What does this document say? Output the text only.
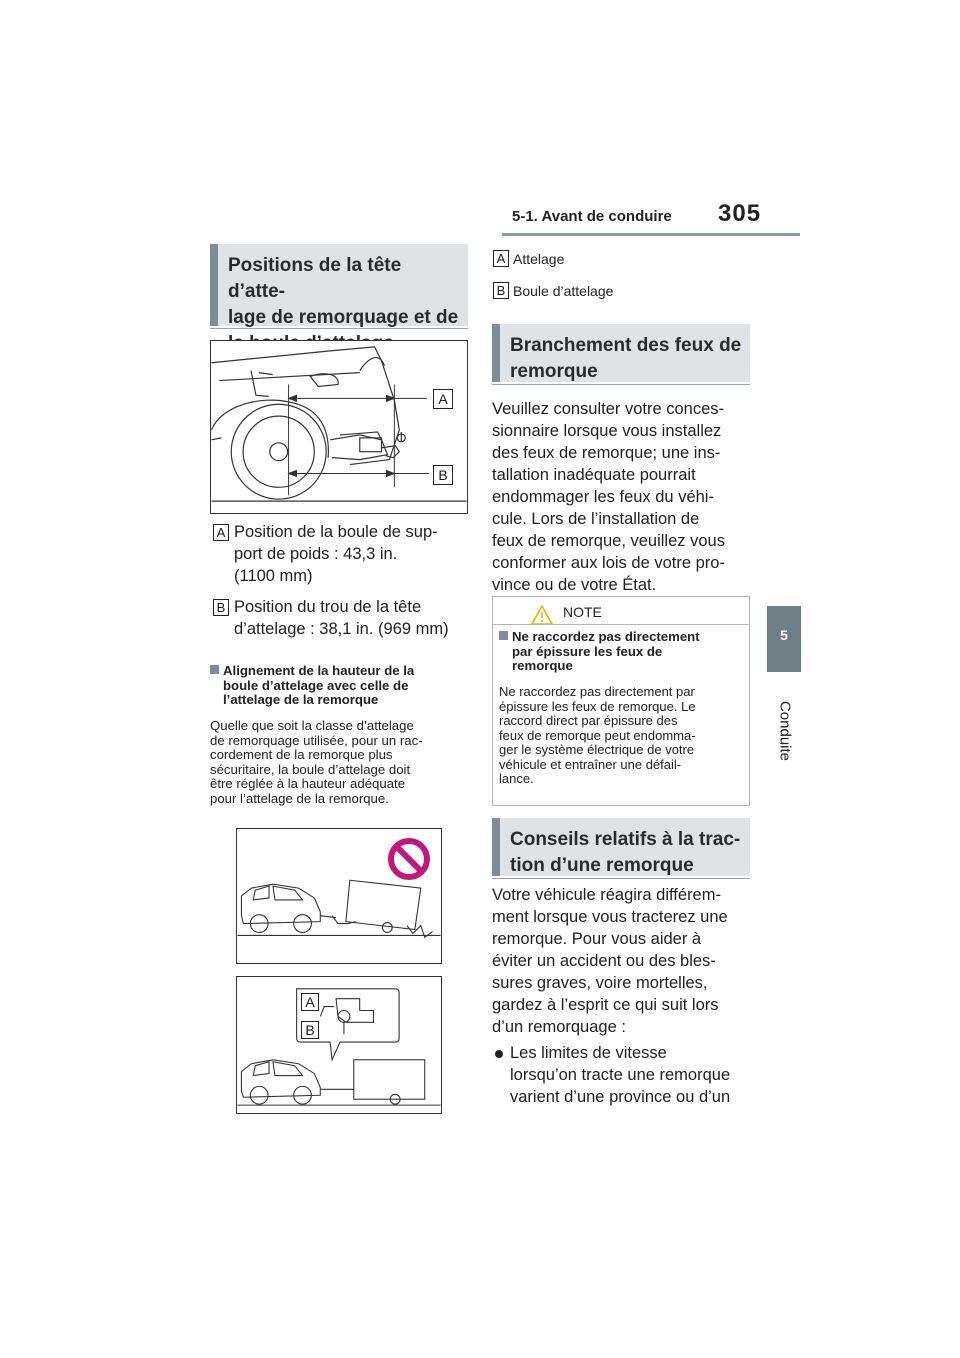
5-1. Avant de conduire 305
5
Conduite
Positions de la tête d’atte-
lage de remorquage et de
A
B
A Position de la boule de sup-
port de poids : 43,3 in.
(1100 mm)
B Position du trou de la tête
d’attelage : 38,1 in. (969 mm)
Alignement de la hauteur de la
boule d’attelage avec celle de
l’attelage de la remorque
Quelle que soit la classe d’attelage
de remorquage utilisée, pour un rac-
cordement de la remorque plus
sécuritaire, la boule d’attelage doit
être réglée à la hauteur adéquate
pour l’attelage de la remorque.
A
B
A Attelage
B Boule d’attelage
Branchement des feux de
remorque
Veuillez consulter votre conces-
sionnaire lorsque vous installez
des feux de remorque; une ins-
tallation inadéquate pourrait
endommager les feux du véhi-
cule. Lors de l’installation de
feux de remorque, veuillez vous
conformer aux lois de votre pro-
vince ou de votre État.
NOTE
Ne raccordez pas directement
par épissure les feux de
remorque
Ne raccordez pas directement par
épissure les feux de remorque. Le
raccord direct par épissure des
feux de remorque peut endomma-
ger le système électrique de votre
véhicule et entraîner une défail-
lance.
Conseils relatifs à la trac-
tion d’une remorque
Votre véhicule réagira différem-
ment lorsque vous tracterez une
remorque. Pour vous aider à
éviter un accident ou des bles-
sures graves, voire mortelles,
gardez à l’esprit ce qui suit lors
d’un remorquage :
Les limites de vitesse
lorsqu’on tracte une remorque
varient d’une province ou d’un
